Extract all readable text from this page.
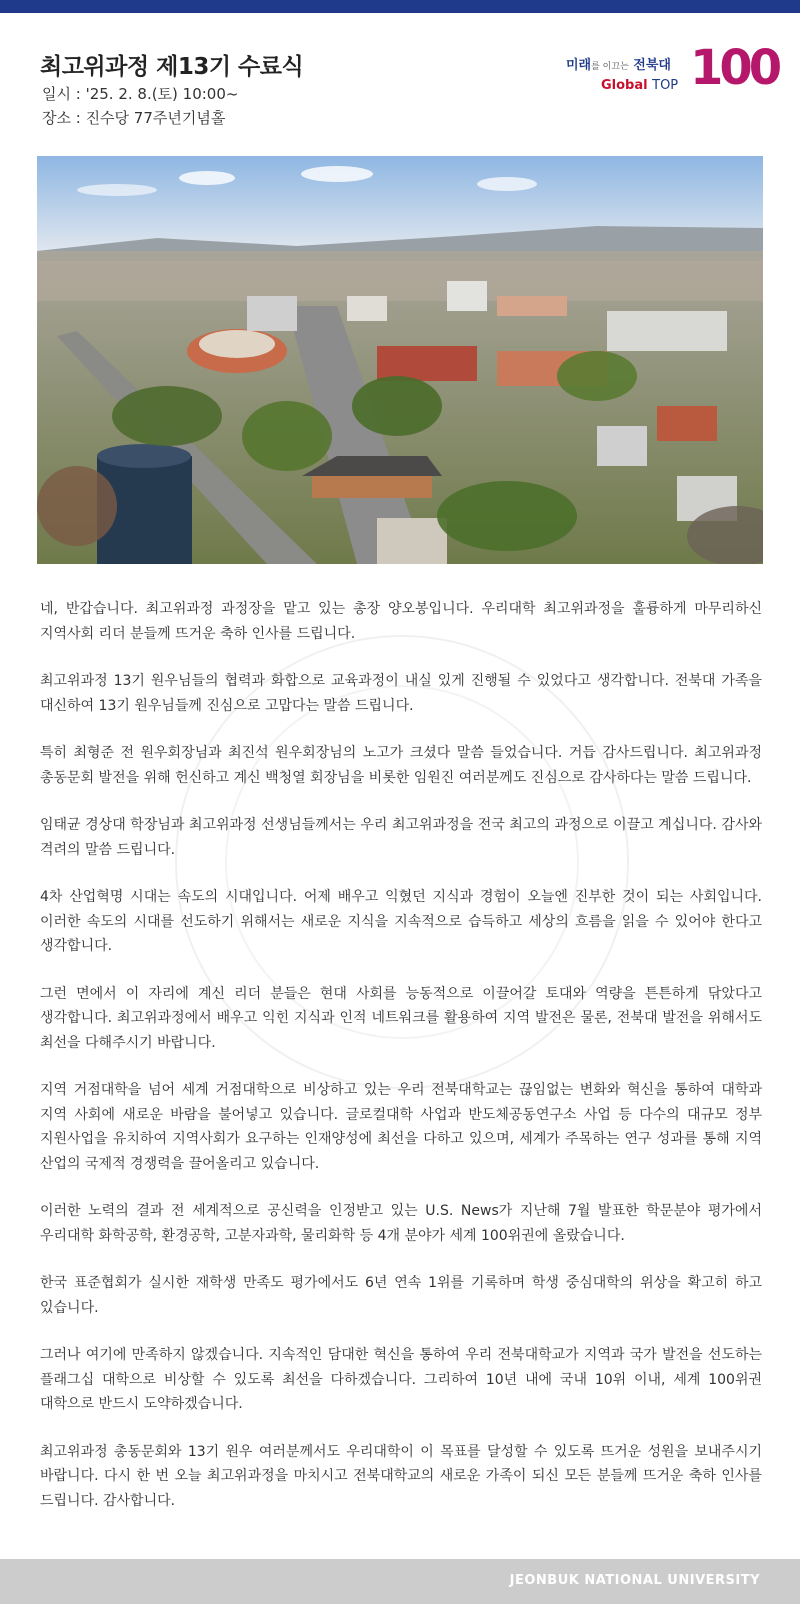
최고위과정 제13기 수료식
일시 : '25. 2. 8.(토) 10:00~
장소 : 진수당 77주년기념홀
미래를 이끄는 전북대
Global TOP 100

네, 반갑습니다. 최고위과정 과정장을 맡고 있는 총장 양오봉입니다. 우리대학 최고위과정을 훌륭하게 마무리하신 지역사회 리더 분들께 뜨거운 축하 인사를 드립니다.

최고위과정 13기 원우님들의 협력과 화합으로 교육과정이 내실 있게 진행될 수 있었다고 생각합니다. 전북대 가족을 대신하여 13기 원우님들께 진심으로 고맙다는 말씀 드립니다.

특히 최형준 전 원우회장님과 최진석 원우회장님의 노고가 크셨다 말씀 들었습니다. 거듭 감사드립니다. 최고위과정 총동문회 발전을 위해 헌신하고 계신 백청열 회장님을 비롯한 임원진 여러분께도 진심으로 감사하다는 말씀 드립니다.

임태균 경상대 학장님과 최고위과정 선생님들께서는 우리 최고위과정을 전국 최고의 과정으로 이끌고 계십니다. 감사와 격려의 말씀 드립니다.

4차 산업혁명 시대는 속도의 시대입니다. 어제 배우고 익혔던 지식과 경험이 오늘엔 진부한 것이 되는 사회입니다. 이러한 속도의 시대를 선도하기 위해서는 새로운 지식을 지속적으로 습득하고 세상의 흐름을 읽을 수 있어야 한다고 생각합니다.

그런 면에서 이 자리에 계신 리더 분들은 현대 사회를 능동적으로 이끌어갈 토대와 역량을 튼튼하게 닦았다고 생각합니다. 최고위과정에서 배우고 익힌 지식과 인적 네트워크를 활용하여 지역 발전은 물론, 전북대 발전을 위해서도 최선을 다해주시기 바랍니다.

지역 거점대학을 넘어 세계 거점대학으로 비상하고 있는 우리 전북대학교는 끊임없는 변화와 혁신을 통하여 대학과 지역 사회에 새로운 바람을 불어넣고 있습니다. 글로컬대학 사업과 반도체공동연구소 사업 등 다수의 대규모 정부 지원사업을 유치하여 지역사회가 요구하는 인재양성에 최선을 다하고 있으며, 세계가 주목하는 연구 성과를 통해 지역 산업의 국제적 경쟁력을 끌어올리고 있습니다.

이러한 노력의 결과 전 세계적으로 공신력을 인정받고 있는 U.S. News가 지난해 7월 발표한 학문분야 평가에서 우리대학 화학공학, 환경공학, 고분자과학, 물리화학 등 4개 분야가 세계 100위권에 올랐습니다.

한국 표준협회가 실시한 재학생 만족도 평가에서도 6년 연속 1위를 기록하며 학생 중심대학의 위상을 확고히 하고 있습니다.

그러나 여기에 만족하지 않겠습니다. 지속적인 담대한 혁신을 통하여 우리 전북대학교가 지역과 국가 발전을 선도하는 플래그십 대학으로 비상할 수 있도록 최선을 다하겠습니다. 그리하여 10년 내에 국내 10위 이내, 세계 100위권 대학으로 반드시 도약하겠습니다.

최고위과정 총동문회와 13기 원우 여러분께서도 우리대학이 이 목표를 달성할 수 있도록 뜨거운 성원을 보내주시기 바랍니다. 다시 한 번 오늘 최고위과정을 마치시고 전북대학교의 새로운 가족이 되신 모든 분들께 뜨거운 축하 인사를 드립니다. 감사합니다.

JEONBUK NATIONAL UNIVERSITY
